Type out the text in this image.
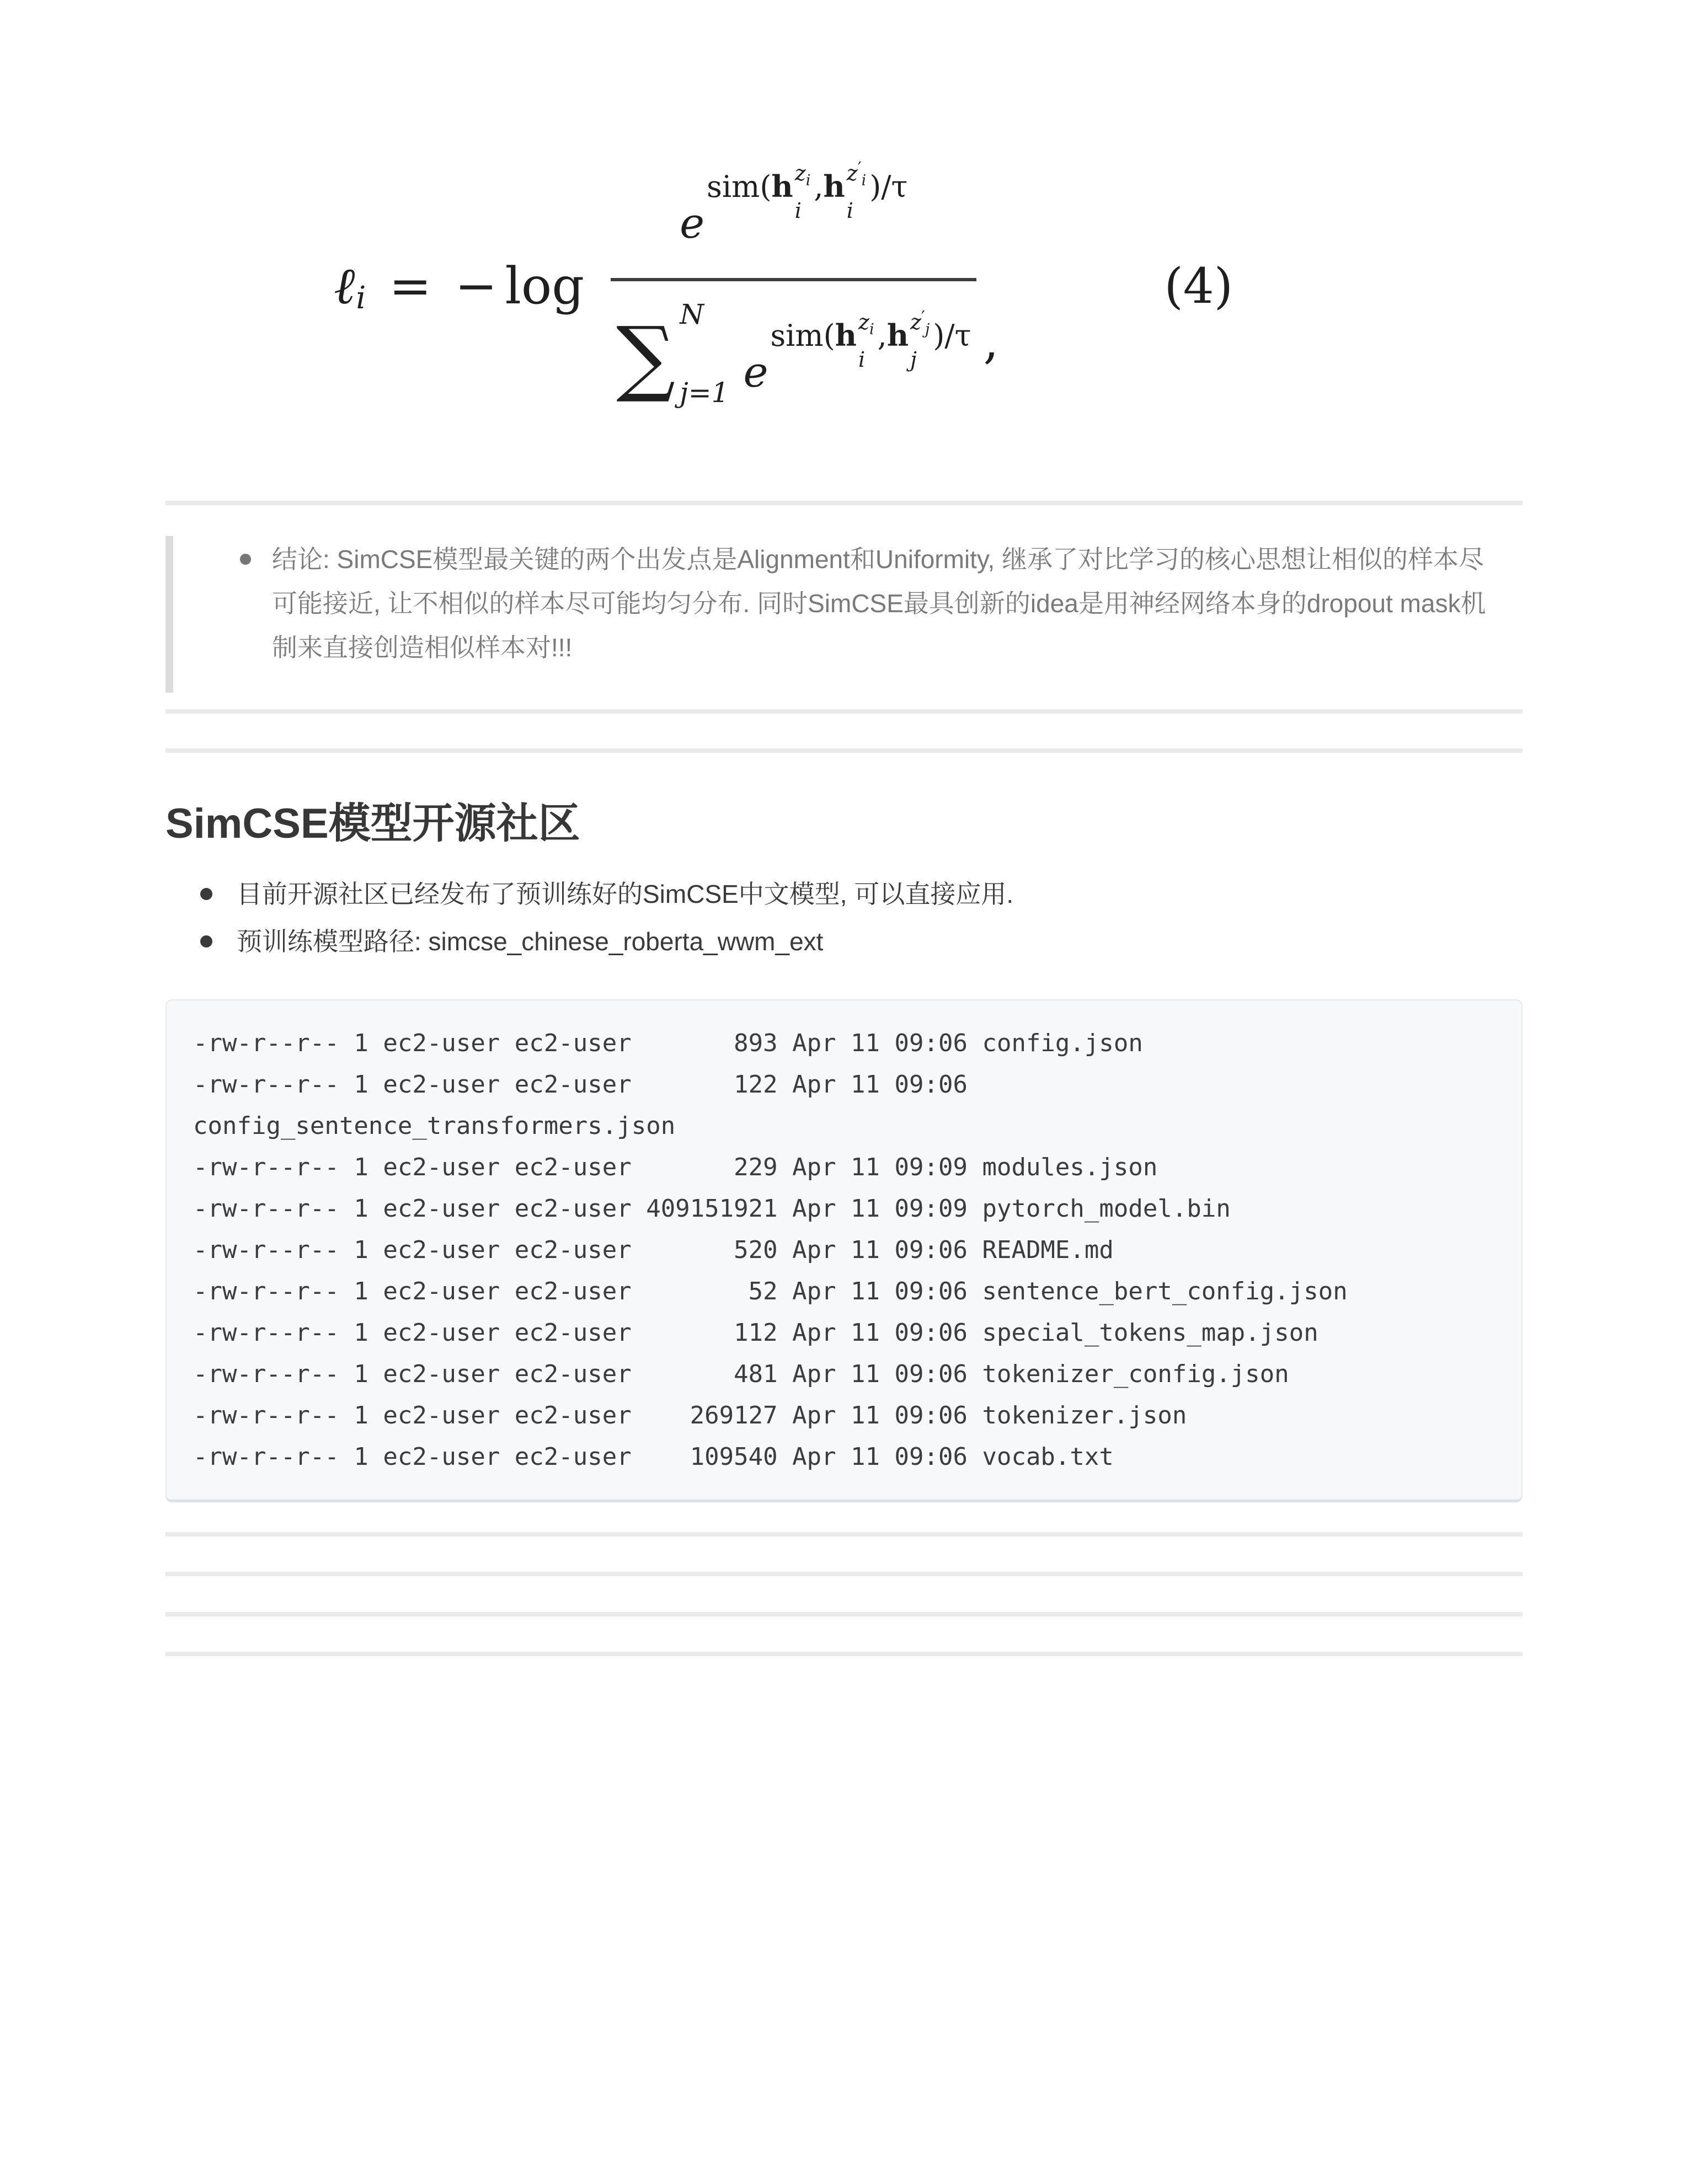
ℓ$_i$ = − log
e
sim( h zi
i
, h z′i
i
)/τ
∑ N
j=1 e
sim( h zi
i
, h z′j
j
)/τ ,
(4)

结论: SimCSE模型最关键的两个出发点是Alignment和Uniformity, 继承了对比学习的核心思想让相似的样本尽可能接近, 让不相似的样本尽可能均匀分布. 同时SimCSE最具创新的idea是用神经网络本身的dropout mask机制来直接创造相似样本对!!!

SimCSE模型开源社区

目前开源社区已经发布了预训练好的SimCSE中文模型, 可以直接应用.

预训练模型路径: simcse_chinese_roberta_wwm_ext

-rw-r--r-- 1 ec2-user ec2-user       893 Apr 11 09:06 config.json
-rw-r--r-- 1 ec2-user ec2-user       122 Apr 11 09:06
config_sentence_transformers.json
-rw-r--r-- 1 ec2-user ec2-user       229 Apr 11 09:09 modules.json
-rw-r--r-- 1 ec2-user ec2-user 409151921 Apr 11 09:09 pytorch_model.bin
-rw-r--r-- 1 ec2-user ec2-user       520 Apr 11 09:06 README.md
-rw-r--r-- 1 ec2-user ec2-user        52 Apr 11 09:06 sentence_bert_config.json
-rw-r--r-- 1 ec2-user ec2-user       112 Apr 11 09:06 special_tokens_map.json
-rw-r--r-- 1 ec2-user ec2-user       481 Apr 11 09:06 tokenizer_config.json
-rw-r--r-- 1 ec2-user ec2-user    269127 Apr 11 09:06 tokenizer.json
-rw-r--r-- 1 ec2-user ec2-user    109540 Apr 11 09:06 vocab.txt
